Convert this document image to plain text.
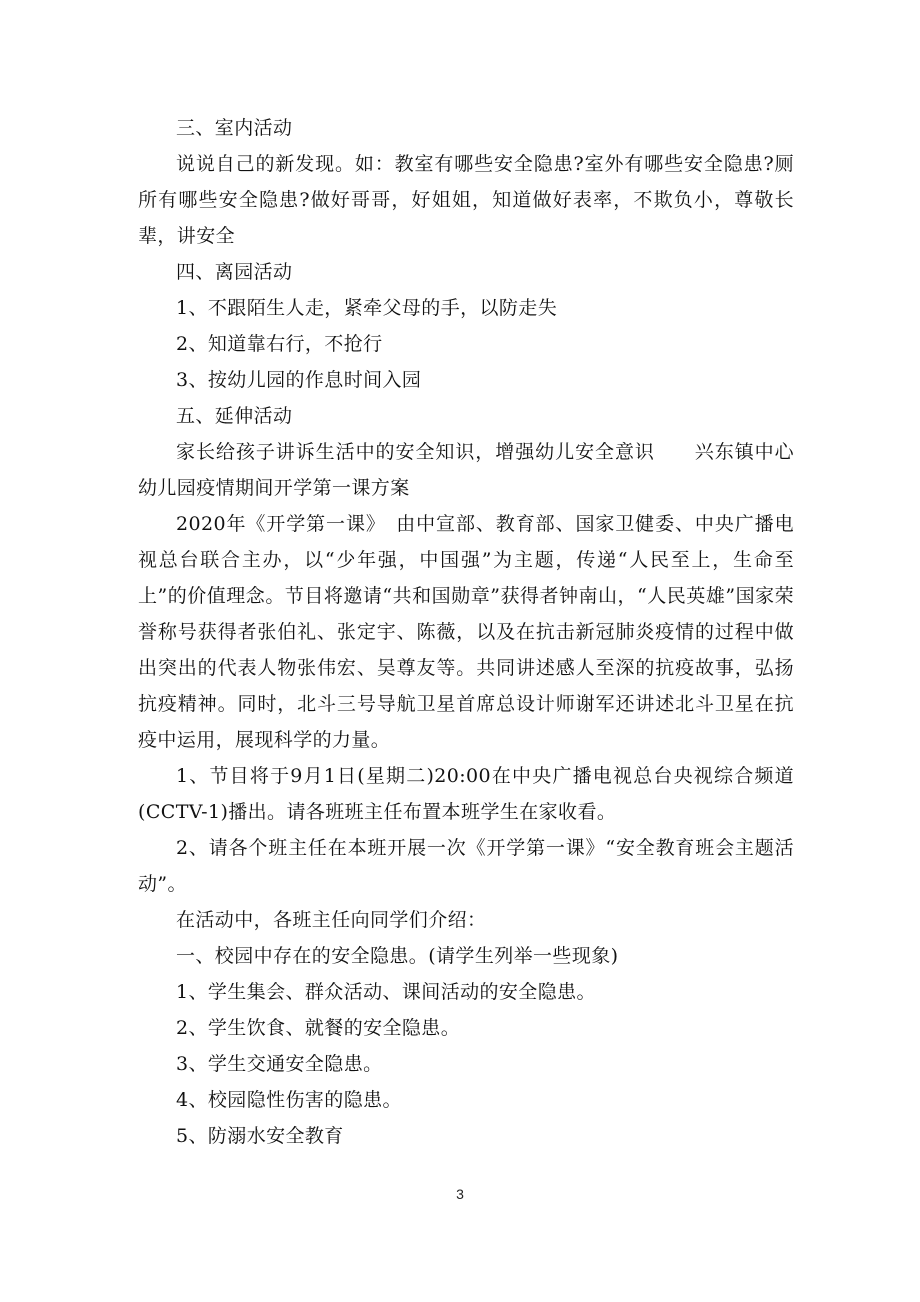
三、室内活动

说说自己的新发现。如：教室有哪些安全隐患?室外有哪些安全隐患?厕所有哪些安全隐患?做好哥哥，好姐姐，知道做好表率，不欺负小，尊敬长辈，讲安全

四、离园活动

1、不跟陌生人走，紧牵父母的手，以防走失

2、知道靠右行，不抢行

3、按幼儿园的作息时间入园

五、延伸活动

家长给孩子讲诉生活中的安全知识，增强幼儿安全意识　　兴东镇中心幼儿园疫情期间开学第一课方案

2020年《开学第一课》　由中宣部、教育部、国家卫健委、中央广播电视总台联合主办，以“少年强，中国强”为主题，传递“人民至上，生命至上”的价值理念。节目将邀请“共和国勋章”获得者钟南山，“人民英雄”国家荣誉称号获得者张伯礼、张定宇、陈薇，以及在抗击新冠肺炎疫情的过程中做出突出的代表人物张伟宏、吴尊友等。共同讲述感人至深的抗疫故事，弘扬抗疫精神。同时，北斗三号导航卫星首席总设计师谢军还讲述北斗卫星在抗疫中运用，展现科学的力量。

1、节目将于9月1日(星期二)20:00在中央广播电视总台央视综合频道(CCTV-1)播出。请各班班主任布置本班学生在家收看。

2、请各个班主任在本班开展一次《开学第一课》“安全教育班会主题活动”。

在活动中，各班主任向同学们介绍：

一、校园中存在的安全隐患。(请学生列举一些现象)

1、学生集会、群众活动、课间活动的安全隐患。

2、学生饮食、就餐的安全隐患。

3、学生交通安全隐患。

4、校园隐性伤害的隐患。

5、防溺水安全教育

3
